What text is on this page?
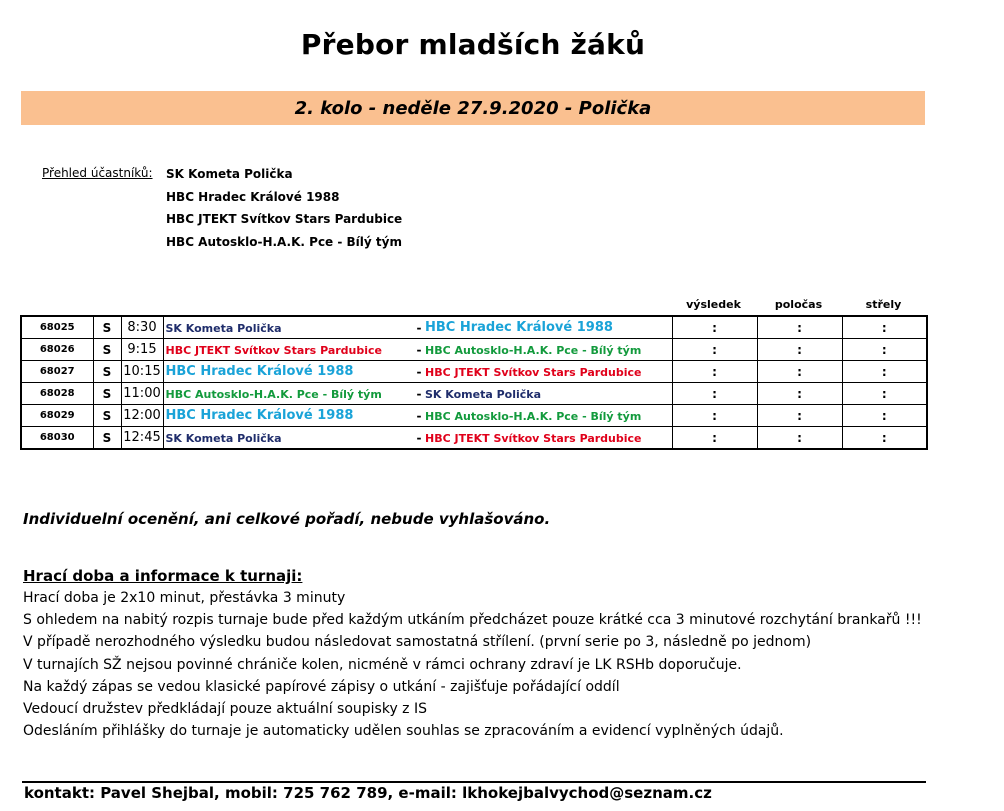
Přebor mladších žáků
2. kolo - neděle 27.9.2020 - Polička
Přehled účastníků: SK Kometa Polička
HBC Hradec Králové 1988
HBC JTEKT Svítkov Stars Pardubice
HBC Autosklo-H.A.K. Pce - Bílý tým
výsledek	poločas	střely
68025	S	8:30	SK Kometa Polička	-	HBC Hradec Králové 1988	:	:	:
68026	S	9:15	HBC JTEKT Svítkov Stars Pardubice	-	HBC Autosklo-H.A.K. Pce - Bílý tým	:	:	:
68027	S	10:15	HBC Hradec Králové 1988	-	HBC JTEKT Svítkov Stars Pardubice	:	:	:
68028	S	11:00	HBC Autosklo-H.A.K. Pce - Bílý tým	-	SK Kometa Polička	:	:	:
68029	S	12:00	HBC Hradec Králové 1988	-	HBC Autosklo-H.A.K. Pce - Bílý tým	:	:	:
68030	S	12:45	SK Kometa Polička	-	HBC JTEKT Svítkov Stars Pardubice	:	:	:
Individuelní ocenění, ani celkové pořadí, nebude vyhlašováno.
Hrací doba a informace k turnaji:
Hrací doba je 2x10 minut, přestávka 3 minuty
S ohledem na nabitý rozpis turnaje bude před každým utkáním předcházet pouze krátké cca 3 minutové rozchytání brankařů !!!
V případě nerozhodného výsledku budou následovat samostatná střílení. (první serie po 3, následně po jednom)
V turnajích SŽ nejsou povinné chrániče kolen, nicméně v rámci ochrany zdraví je LK RSHb doporučuje.
Na každý zápas se vedou klasické papírové zápisy o utkání - zajišťuje pořádající oddíl
Vedoucí družstev předkládají pouze aktuální soupisky z IS
Odesláním přihlášky do turnaje je automaticky udělen souhlas se zpracováním a evidencí vyplněných údajů.
kontakt: Pavel Shejbal, mobil: 725 762 789, e-mail: lkhokejbalvychod@seznam.cz
